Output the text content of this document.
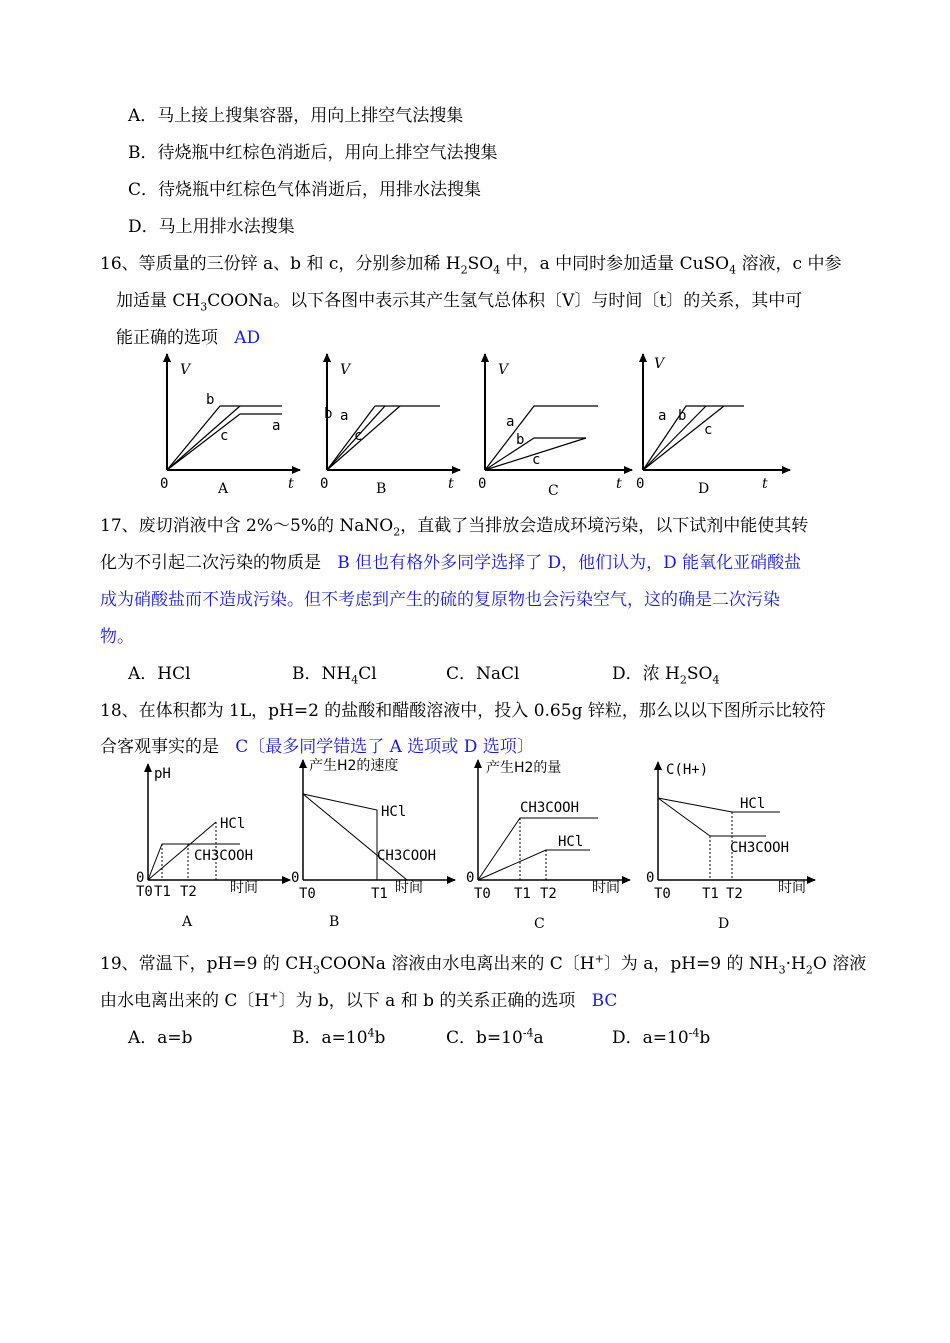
A．马上接上搜集容器，用向上排空气法搜集
B．待烧瓶中红棕色消逝后，用向上排空气法搜集
C．待烧瓶中红棕色气体消逝后，用排水法搜集
D．马上用排水法搜集
16、等质量的三份锌 a、b 和 c，分别参加稀 $H_2SO_4$ 中，a 中同时参加适量 CuSO$_4$ 溶液，c 中参
加适量 $CH_3COONa$。以下各图中表示其产生氢气总体积〔V〕与时间〔t〕的关系，其中可
能正确的选项 AD
V
t
0
b
c
a
A
V
t
0
b a
c
B
V
t
0
a
b
c
C
V
t
0
a b
c
D
17、废切消液中含 2%～5%的 NaNO$_2$，直截了当排放会造成环境污染，以下试剂中能使其转
化为不引起二次污染的物质是 B 但也有格外多同学选择了 D，他们认为，D 能氧化亚硝酸盐
成为硝酸盐而不造成污染。但不考虑到产生的硫的复原物也会污染空气，这的确是二次污染
物。
A．HCl	B．$NH_4Cl$	C．NaCl	D．浓 $H_2SO_4$
18、在体积都为 1L，pH=2 的盐酸和醋酸溶液中，投入 0.65g 锌粒，那么以以下图所示比较符
合客观事实的是 C〔最多同学错选了 A 选项或 D 选项〕
pH
时间
0
T0 T1 T2
HCl
CH3COOH
A
产生H2的速度
时间
0
T0	T1
HCl
CH3COOH
B
产生H2的量
时间
0
T0 T1 T2
CH3COOH
HCl
C
C(H+)
时间
0
T0 T1 T2
HCl
CH3COOH
D
19、常温下，pH=9 的 $CH_3COONa$ 溶液由水电离出来的 C〔H+〕为 a，pH=9 的 $NH_3\cdot H_2O$ 溶液
由水电离出来的 C〔H+〕为 b，以下 a 和 b 的关系正确的选项 BC
A．a=b	B．$a=10^4b$	C．$b=10^{-4}a$	D．$a=10^{-4}b$
